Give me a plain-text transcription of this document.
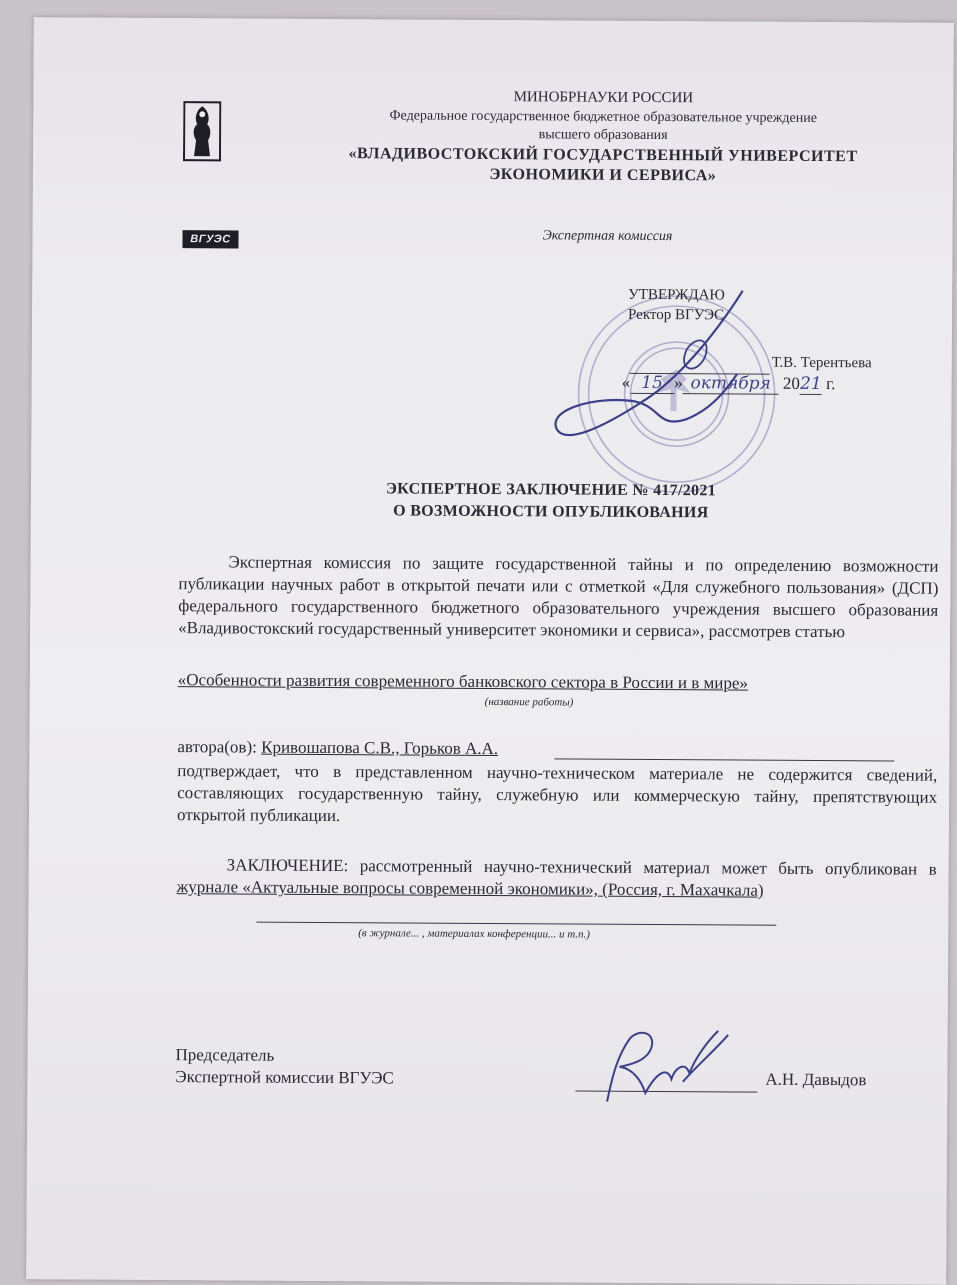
ВГУЭС
МИНОБРНАУКИ РОССИИ
Федеральное государственное бюджетное образовательное учреждение
высшего образования
«ВЛАДИВОСТОКСКИЙ ГОСУДАРСТВЕННЫЙ УНИВЕРСИТЕТ
ЭКОНОМИКИ И СЕРВИСА»
Экспертная комиссия
УТВЕРЖДАЮ
Ректор ВГУЭС
Т.В. Терентьева
« 15 » октября 2021 г.
ЭКСПЕРТНОЕ ЗАКЛЮЧЕНИЕ № 417/2021
О ВОЗМОЖНОСТИ ОПУБЛИКОВАНИЯ
Экспертная комиссия по защите государственной тайны и по определению возможности публикации научных работ в открытой печати или с отметкой «Для служебного пользования» (ДСП) федерального государственного бюджетного образовательного учреждения высшего образования «Владивостокский государственный университет экономики и сервиса», рассмотрев статью
«Особенности развития современного банковского сектора в России и в мире»
(название работы)
автора(ов): Кривошапова С.В., Горьков А.А.
подтверждает, что в представленном научно-техническом материале не содержится сведений, составляющих государственную тайну, служебную или коммерческую тайну, препятствующих открытой публикации.
ЗАКЛЮЧЕНИЕ: рассмотренный научно-технический материал может быть опубликован в журнале «Актуальные вопросы современной экономики», (Россия, г. Махачкала)
(в журнале... , материалах конференции... и т.п.)
Председатель
Экспертной комиссии ВГУЭС	А.Н. Давыдов
